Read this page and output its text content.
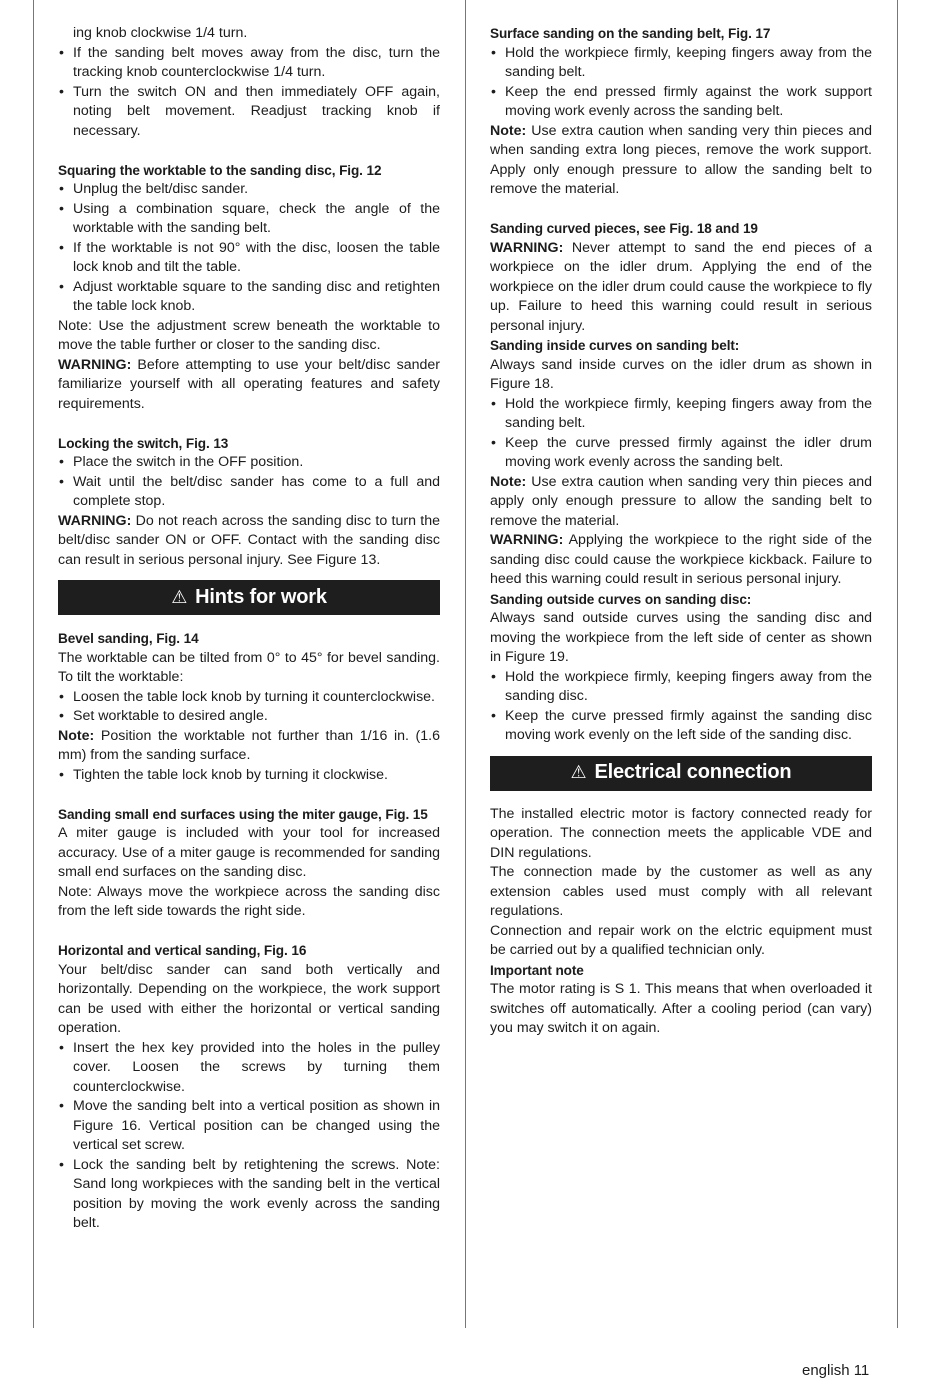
ing knob clockwise 1/4 turn.

• If the sanding belt moves away from the disc, turn the tracking knob counterclockwise 1/4 turn.
• Turn the switch ON and then immediately OFF again, noting belt movement. Readjust tracking knob if necessary.

Squaring the worktable to the sanding disc, Fig. 12

• Unplug the belt/disc sander.
• Using a combination square, check the angle of the worktable with the sanding belt.
• If the worktable is not 90° with the disc, loosen the table lock knob and tilt the table.
• Adjust worktable square to the sanding disc and retighten the table lock knob.

Note: Use the adjustment screw beneath the worktable to move the table further or closer to the sanding disc.

WARNING: Before attempting to use your belt/disc sander familiarize yourself with all operating features and safety requirements.

Locking the switch, Fig. 13

• Place the switch in the OFF position.
• Wait until the belt/disc sander has come to a full and complete stop.

WARNING: Do not reach across the sanding disc to turn the belt/disc sander ON or OFF. Contact with the sanding disc can result in serious personal injury. See Figure 13.

⚠ Hints for work

Bevel sanding, Fig. 14

The worktable can be tilted from 0° to 45° for bevel sanding. To tilt the worktable:

• Loosen the table lock knob by turning it counterclockwise.
• Set worktable to desired angle.

Note: Position the worktable not further than 1/16 in. (1.6 mm) from the sanding surface.

• Tighten the table lock knob by turning it clockwise.

Sanding small end surfaces using the miter gauge, Fig. 15

A miter gauge is included with your tool for increased accuracy. Use of a miter gauge is recommended for sanding small end surfaces on the sanding disc.

Note: Always move the workpiece across the sanding disc from the left side towards the right side.

Horizontal and vertical sanding, Fig. 16

Your belt/disc sander can sand both vertically and horizontally. Depending on the workpiece, the work support can be used with either the horizontal or vertical sanding operation.

• Insert the hex key provided into the holes in the pulley cover. Loosen the screws by turning them counterclockwise.
• Move the sanding belt into a vertical position as shown in Figure 16. Vertical position can be changed using the vertical set screw.
• Lock the sanding belt by retightening the screws. Note: Sand long workpieces with the sanding belt in the vertical position by moving the work evenly across the sanding belt.

Surface sanding on the sanding belt, Fig. 17

• Hold the workpiece firmly, keeping fingers away from the sanding belt.
• Keep the end pressed firmly against the work support moving work evenly across the sanding belt.

Note: Use extra caution when sanding very thin pieces and when sanding extra long pieces, remove the work support. Apply only enough pressure to allow the sanding belt to remove the material.

Sanding curved pieces, see Fig. 18 and 19

WARNING: Never attempt to sand the end pieces of a workpiece on the idler drum. Applying the end of the workpiece on the idler drum could cause the workpiece to fly up. Failure to heed this warning could result in serious personal injury.

Sanding inside curves on sanding belt:

Always sand inside curves on the idler drum as shown in Figure 18.

• Hold the workpiece firmly, keeping fingers away from the sanding belt.
• Keep the curve pressed firmly against the idler drum moving work evenly across the sanding belt.

Note: Use extra caution when sanding very thin pieces and apply only enough pressure to allow the sanding belt to remove the material.

WARNING: Applying the workpiece to the right side of the sanding disc could cause the workpiece kickback. Failure to heed this warning could result in serious personal injury.

Sanding outside curves on sanding disc:

Always sand outside curves using the sanding disc and moving the workpiece from the left side of center as shown in Figure 19.

• Hold the workpiece firmly, keeping fingers away from the sanding disc.
• Keep the curve pressed firmly against the sanding disc moving work evenly on the left side of the sanding disc.
⚠ Electrical connection

The installed electric motor is factory connected ready for operation. The connection meets the applicable VDE and DIN regulations.

The connection made by the customer as well as any extension cables used must comply with all relevant regulations.

Connection and repair work on the elctric equipment must be carried out by a qualified technician only.

Important note

The motor rating is S 1. This means that when overloaded it switches off automatically. After a cooling period (can vary) you may switch it on again.

english 11
